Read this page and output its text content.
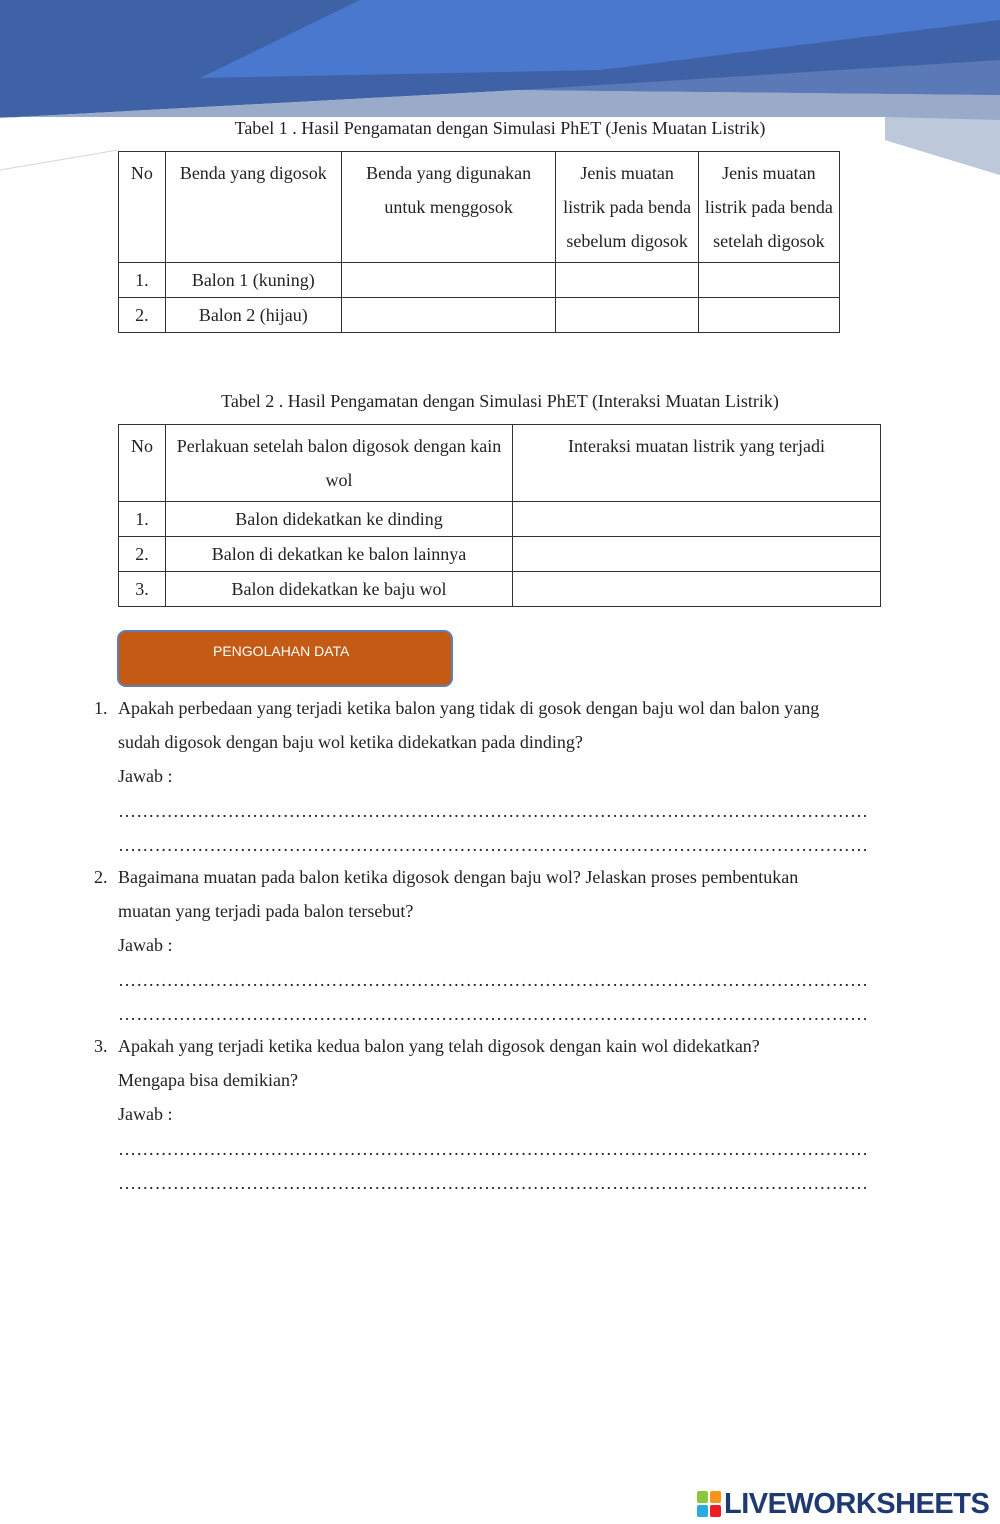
Tabel 1 . Hasil Pengamatan dengan Simulasi PhET (Jenis Muatan Listrik)
No	Benda yang digosok	Benda yang digunakan untuk menggosok	Jenis muatan listrik pada benda sebelum digosok	Jenis muatan listrik pada benda setelah digosok
1.	Balon 1 (kuning)			
2.	Balon 2 (hijau)			
Tabel 2 . Hasil Pengamatan dengan Simulasi PhET (Interaksi Muatan Listrik)
No	Perlakuan setelah balon digosok dengan kain wol	Interaksi muatan listrik yang terjadi
1.	Balon didekatkan ke dinding	
2.	Balon di dekatkan ke balon lainnya	
3.	Balon didekatkan ke baju wol	
PENGOLAHAN DATA
1. Apakah perbedaan yang terjadi ketika balon yang tidak di gosok dengan baju wol dan balon yang
sudah digosok dengan baju wol ketika didekatkan pada dinding?
Jawab :
……………………………………………………………………………………………………………
……………………………………………………………………………………………………………
2. Bagaimana muatan pada balon ketika digosok dengan baju wol? Jelaskan proses pembentukan
muatan yang terjadi pada balon tersebut?
Jawab :
……………………………………………………………………………………………………………
……………………………………………………………………………………………………………
3. Apakah yang terjadi ketika kedua balon yang telah digosok dengan kain wol didekatkan?
Mengapa bisa demikian?
Jawab :
……………………………………………………………………………………………………………
……………………………………………………………………………………………………………
LIVEWORKSHEETS
